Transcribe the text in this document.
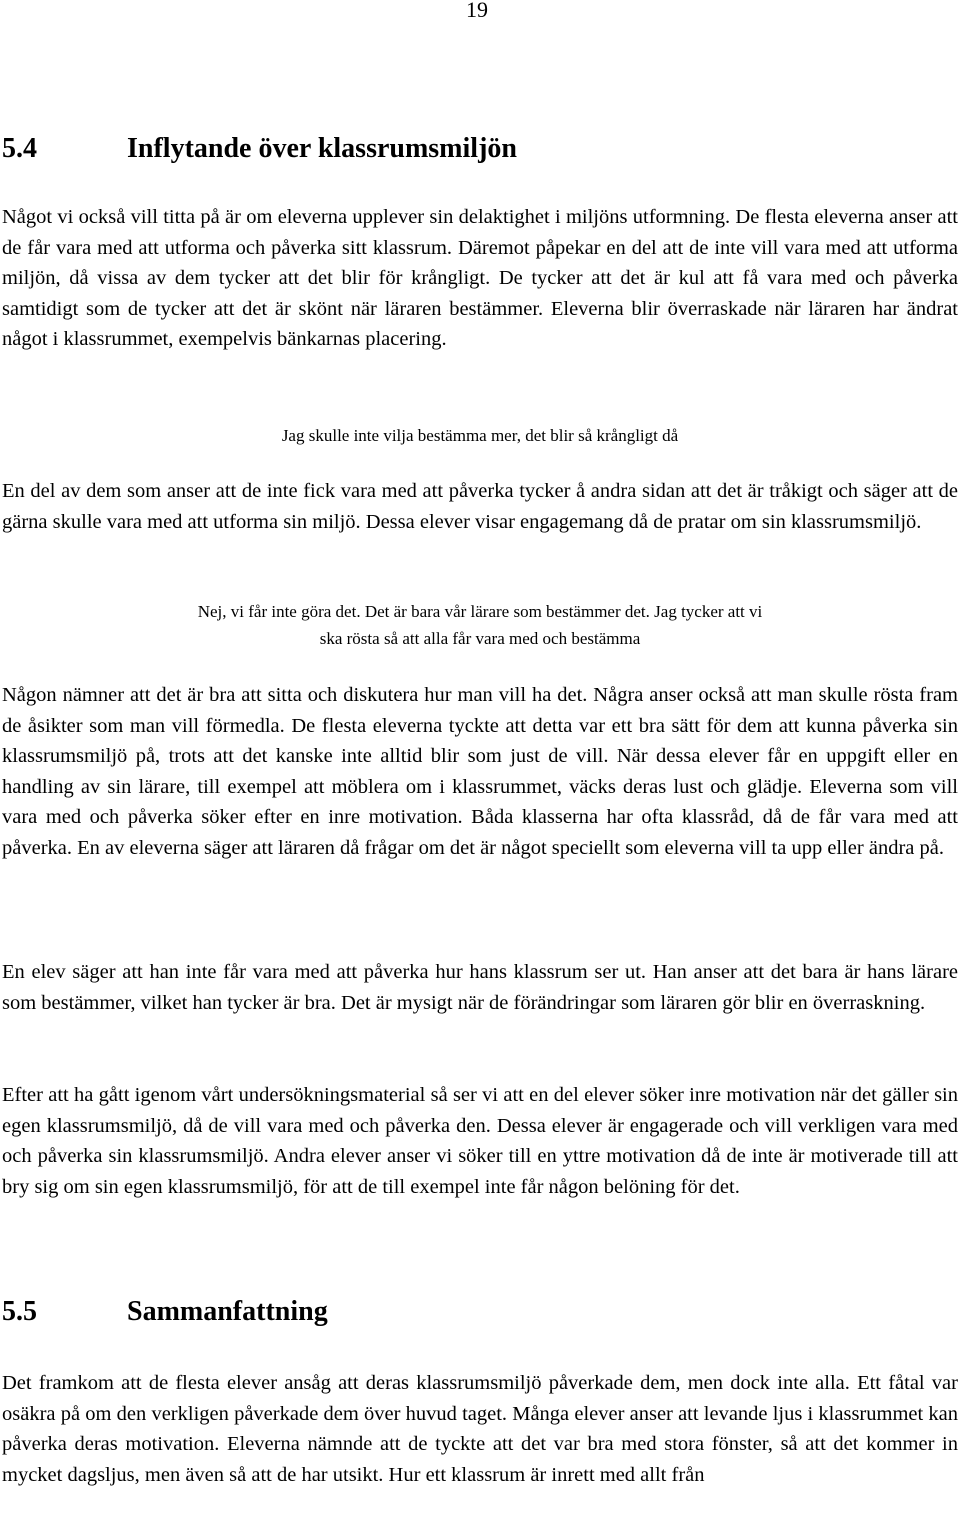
19
5.4	Inflytande över klassrumsmiljön

Något vi också vill titta på är om eleverna upplever sin delaktighet i miljöns utformning. De flesta eleverna anser att de får vara med att utforma och påverka sitt klassrum. Däremot påpekar en del att de inte vill vara med att utforma miljön, då vissa av dem tycker att det blir för krångligt. De tycker att det är kul att få vara med och påverka samtidigt som de tycker att det är skönt när läraren bestämmer. Eleverna blir överraskade när läraren har ändrat något i klassrummet, exempelvis bänkarnas placering.

Jag skulle inte vilja bestämma mer, det blir så krångligt då

En del av dem som anser att de inte fick vara med att påverka tycker å andra sidan att det är tråkigt och säger att de gärna skulle vara med att utforma sin miljö. Dessa elever visar engagemang då de pratar om sin klassrumsmiljö.

Nej, vi får inte göra det. Det är bara vår lärare som bestämmer det. Jag tycker att vi
ska rösta så att alla får vara med och bestämma

Någon nämner att det är bra att sitta och diskutera hur man vill ha det. Några anser också att man skulle rösta fram de åsikter som man vill förmedla. De flesta eleverna tyckte att detta var ett bra sätt för dem att kunna påverka sin klassrumsmiljö på, trots att det kanske inte alltid blir som just de vill. När dessa elever får en uppgift eller en handling av sin lärare, till exempel att möblera om i klassrummet, väcks deras lust och glädje. Eleverna som vill vara med och påverka söker efter en inre motivation. Båda klasserna har ofta klassråd, då de får vara med att påverka. En av eleverna säger att läraren då frågar om det är något speciellt som eleverna vill ta upp eller ändra på.

En elev säger att han inte får vara med att påverka hur hans klassrum ser ut. Han anser att det bara är hans lärare som bestämmer, vilket han tycker är bra. Det är mysigt när de förändringar som läraren gör blir en överraskning.

Efter att ha gått igenom vårt undersökningsmaterial så ser vi att en del elever söker inre motivation när det gäller sin egen klassrumsmiljö, då de vill vara med och påverka den. Dessa elever är engagerade och vill verkligen vara med och påverka sin klassrumsmiljö. Andra elever anser vi söker till en yttre motivation då de inte är motiverade till att bry sig om sin egen klassrumsmiljö, för att de till exempel inte får någon belöning för det.

5.5	Sammanfattning

Det framkom att de flesta elever ansåg att deras klassrumsmiljö påverkade dem, men dock inte alla. Ett fåtal var osäkra på om den verkligen påverkade dem över huvud taget. Många elever anser att levande ljus i klassrummet kan påverka deras motivation. Eleverna nämnde att de tyckte att det var bra med stora fönster, så att det kommer in mycket dagsljus, men även så att de har utsikt. Hur ett klassrum är inrett med allt från
